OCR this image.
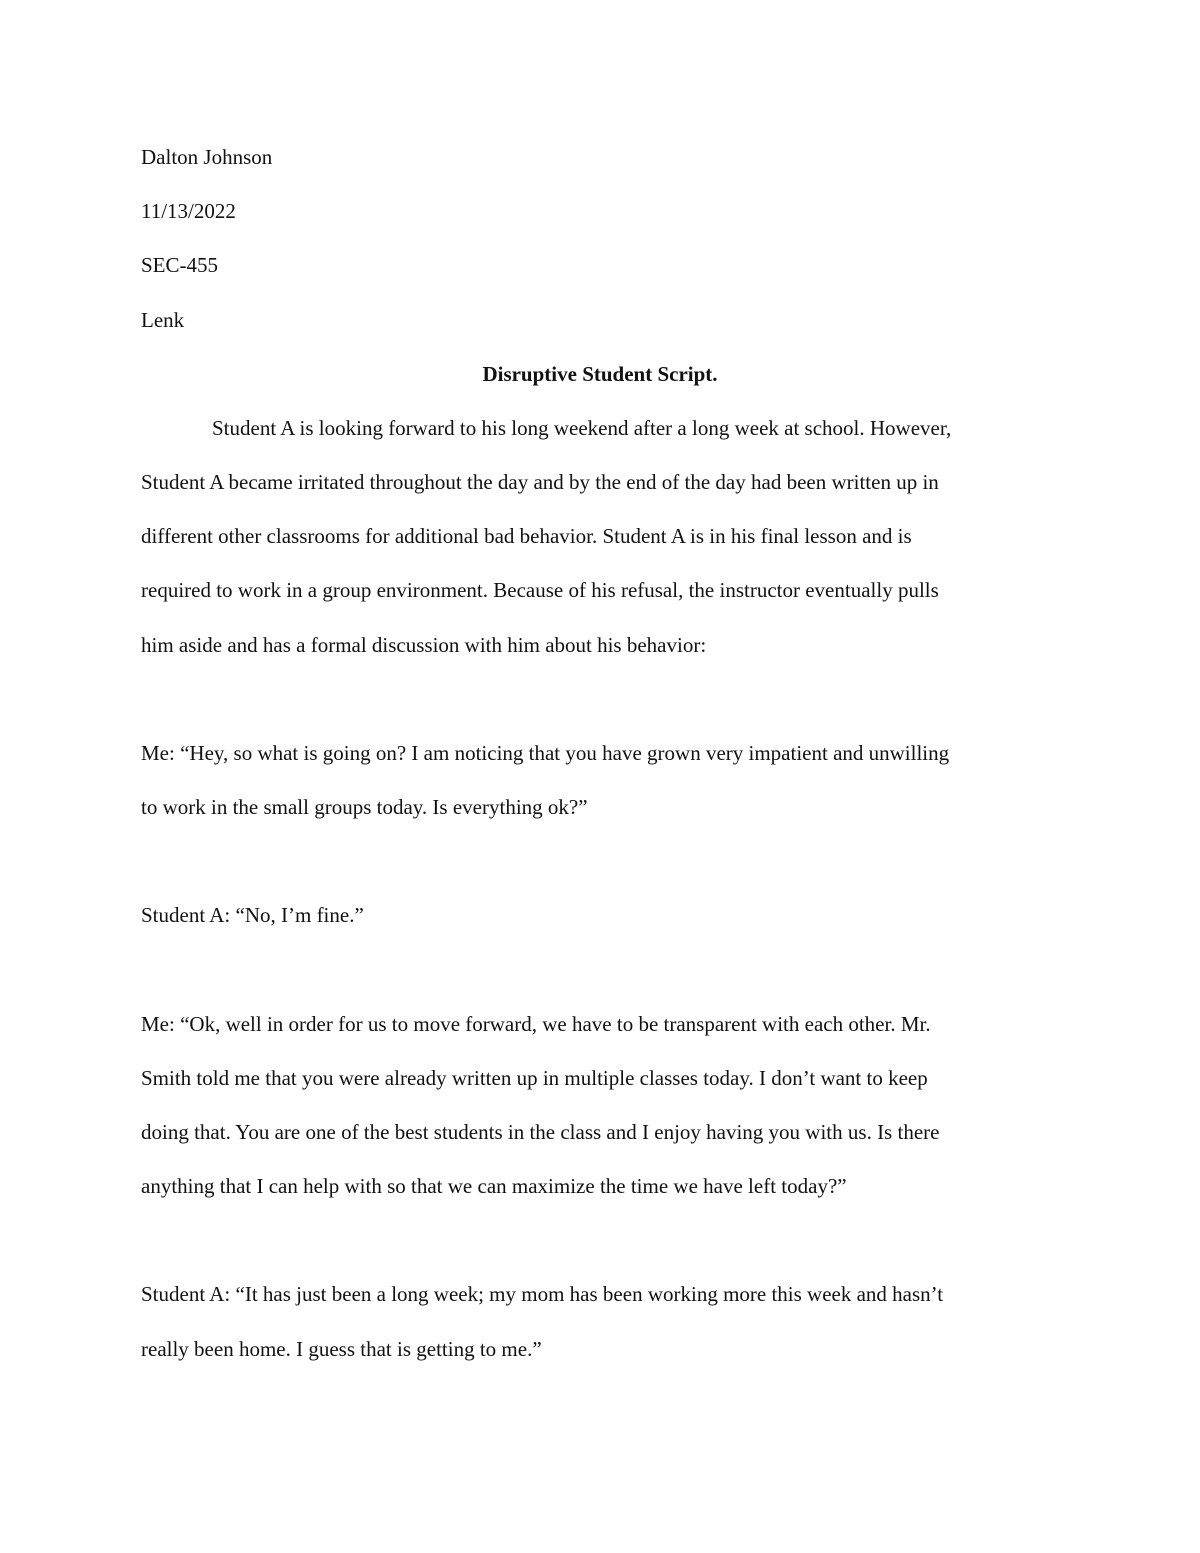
Dalton Johnson

11/13/2022

SEC-455

Lenk

Disruptive Student Script.

Student A is looking forward to his long weekend after a long week at school. However,

Student A became irritated throughout the day and by the end of the day had been written up in

different other classrooms for additional bad behavior. Student A is in his final lesson and is

required to work in a group environment. Because of his refusal, the instructor eventually pulls

him aside and has a formal discussion with him about his behavior:

Me: “Hey, so what is going on? I am noticing that you have grown very impatient and unwilling

to work in the small groups today. Is everything ok?”

Student A: “No, I’m fine.”

Me: “Ok, well in order for us to move forward, we have to be transparent with each other. Mr.

Smith told me that you were already written up in multiple classes today. I don’t want to keep

doing that. You are one of the best students in the class and I enjoy having you with us. Is there

anything that I can help with so that we can maximize the time we have left today?”

Student A: “It has just been a long week; my mom has been working more this week and hasn’t

really been home. I guess that is getting to me.”
